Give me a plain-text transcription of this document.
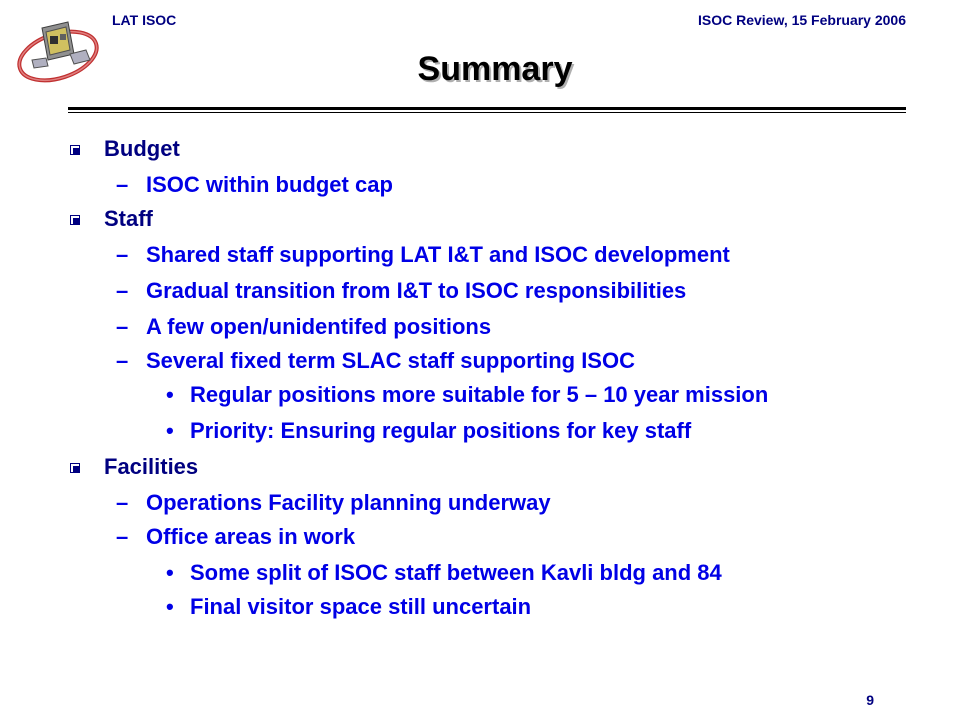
LAT ISOC	ISOC Review, 15 February 2006
Summary
Budget
– ISOC within budget cap
Staff
– Shared staff supporting LAT I&T and ISOC development
– Gradual transition from I&T to ISOC responsibilities
– A few open/unidentifed positions
– Several fixed term SLAC staff supporting ISOC
• Regular positions more suitable for 5 – 10 year mission
• Priority: Ensuring regular positions for key staff
Facilities
– Operations Facility planning underway
– Office areas in work
• Some split of ISOC staff between Kavli bldg and 84
• Final visitor space still uncertain
9
